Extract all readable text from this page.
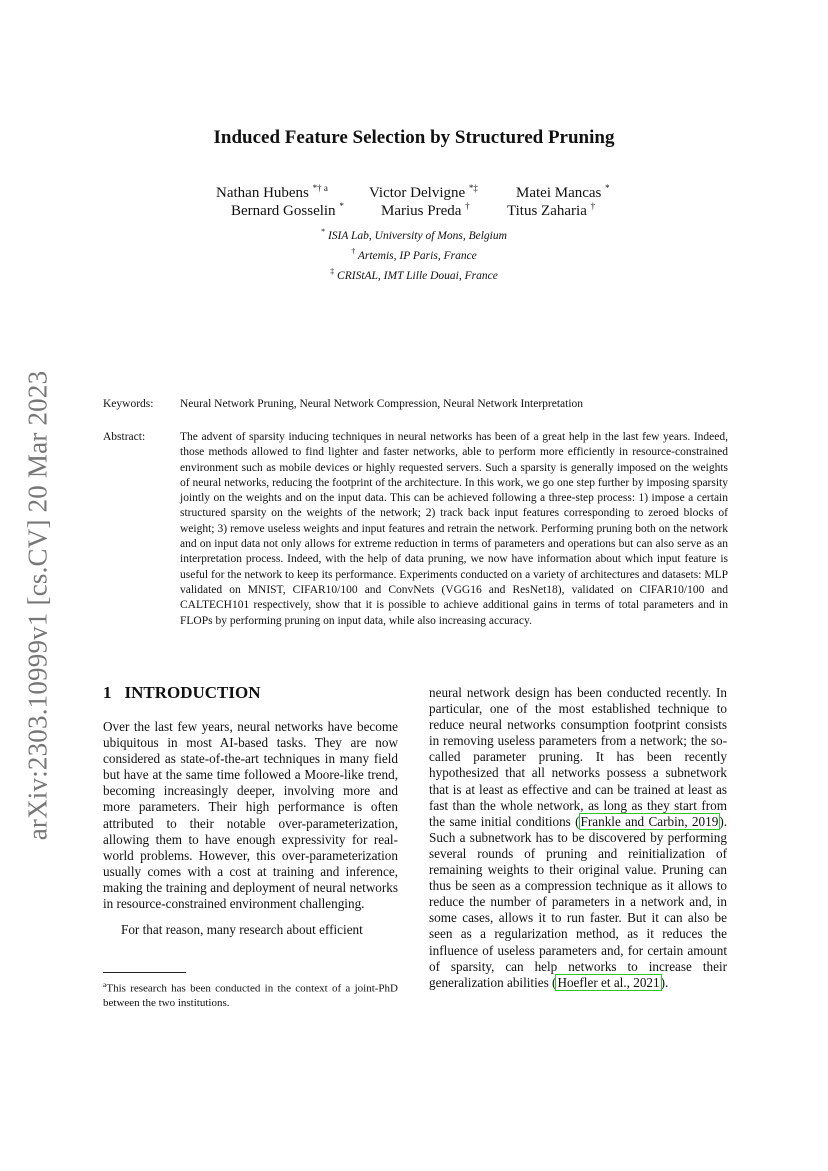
arXiv:2303.10999v1 [cs.CV] 20 Mar 2023
Induced Feature Selection by Structured Pruning
Nathan Hubens $^{*\dagger a}$	Victor Delvigne *‡	Matei Mancas *
Bernard Gosselin * Marius Preda † Titus Zaharia †
* ISIA Lab, University of Mons, Belgium
† Artemis, IP Paris, France
‡ CRIStAL, IMT Lille Douai, France
Keywords: Neural Network Pruning, Neural Network Compression, Neural Network Interpretation
Abstract:	The advent of sparsity inducing techniques in neural networks has been of a great help in the last few years. Indeed, those methods allowed to find lighter and faster networks, able to perform more efficiently in resource-constrained environment such as mobile devices or highly requested servers. Such a sparsity is generally imposed on the weights of neural networks, reducing the footprint of the architecture. In this work, we go one step further by imposing sparsity jointly on the weights and on the input data. This can be achieved following a three-step process: 1) impose a certain structured sparsity on the weights of the network; 2) track back input features corresponding to zeroed blocks of weight; 3) remove useless weights and input features and retrain the network. Performing pruning both on the network and on input data not only allows for extreme reduction in terms of parameters and operations but can also serve as an interpretation process. Indeed, with the help of data pruning, we now have information about which input feature is useful for the network to keep its performance. Experiments conducted on a variety of architectures and datasets: MLP validated on MNIST, CIFAR10/100 and ConvNets (VGG16 and ResNet18), validated on CIFAR10/100 and CALTECH101 respectively, show that it is possible to achieve additional gains in terms of total parameters and in FLOPs by performing pruning on input data, while also increasing accuracy.
1 INTRODUCTION

Over the last few years, neural networks have become ubiquitous in most AI-based tasks. They are now considered as state-of-the-art techniques in many field but have at the same time followed a Moore-like trend, becoming increasingly deeper, involving more and more parameters. Their high performance is often attributed to their notable over-parameterization, allowing them to have enough expressivity for real-world problems. However, this over-parameterization usually comes with a cost at training and inference, making the training and deployment of neural networks in resource-constrained environment challenging.

For that reason, many research about efficient

neural network design has been conducted recently. In particular, one of the most established technique to reduce neural networks consumption footprint consists in removing useless parameters from a network; the so-called parameter pruning. It has been recently hypothesized that all networks possess a subnetwork that is at least as effective and can be trained at least as fast than the whole network, as long as they start from the same initial conditions (Frankle and Carbin, 2019). Such a subnetwork has to be discovered by performing several rounds of pruning and reinitialization of remaining weights to their original value. Pruning can thus be seen as a compression technique as it allows to reduce the number of parameters in a network and, in some cases, allows it to run faster. But it can also be seen as a regularization method, as it reduces the influence of useless parameters and, for certain amount of sparsity, can help networks to increase their generalization abilities (Hoefler et al., 2021).

$^a$This research has been conducted in the context of a joint-PhD between the two institutions.
